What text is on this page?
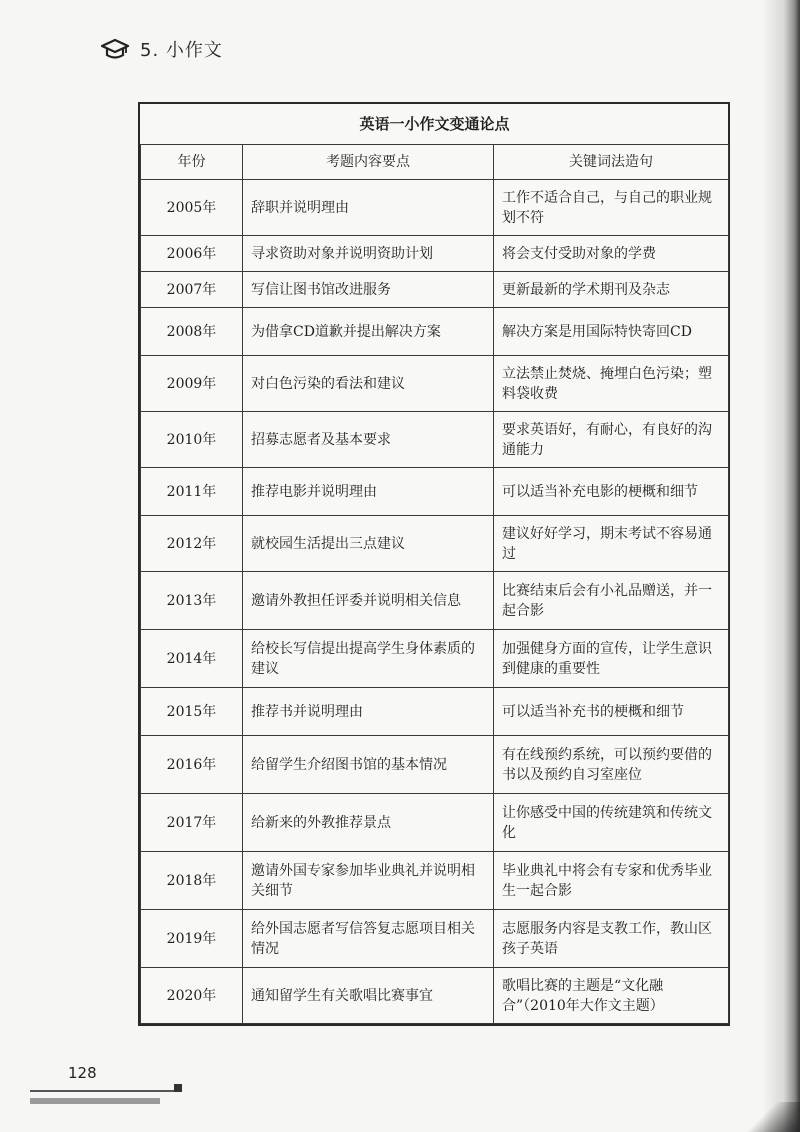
5. 小作文
英语一小作文变通论点		
年份	考题内容要点	关键词法造句
2005年	辞职并说明理由	工作不适合自己，与自己的职业规划不符
2006年	寻求资助对象并说明资助计划	将会支付受助对象的学费
2007年	写信让图书馆改进服务	更新最新的学术期刊及杂志
2008年	为借拿CD道歉并提出解决方案	解决方案是用国际特快寄回CD
2009年	对白色污染的看法和建议	立法禁止焚烧、掩埋白色污染；塑料袋收费
2010年	招募志愿者及基本要求	要求英语好，有耐心，有良好的沟通能力
2011年	推荐电影并说明理由	可以适当补充电影的梗概和细节
2012年	就校园生活提出三点建议	建议好好学习，期末考试不容易通过
2013年	邀请外教担任评委并说明相关信息	比赛结束后会有小礼品赠送，并一起合影
2014年	给校长写信提出提高学生身体素质的建议	加强健身方面的宣传，让学生意识到健康的重要性
2015年	推荐书并说明理由	可以适当补充书的梗概和细节
2016年	给留学生介绍图书馆的基本情况	有在线预约系统，可以预约要借的书以及预约自习室座位
2017年	给新来的外教推荐景点	让你感受中国的传统建筑和传统文化
2018年	邀请外国专家参加毕业典礼并说明相关细节	毕业典礼中将会有专家和优秀毕业生一起合影
2019年	给外国志愿者写信答复志愿项目相关情况	志愿服务内容是支教工作，教山区孩子英语
2020年	通知留学生有关歌唱比赛事宜	歌唱比赛的主题是“文化融合”（2010年大作文主题）
128
